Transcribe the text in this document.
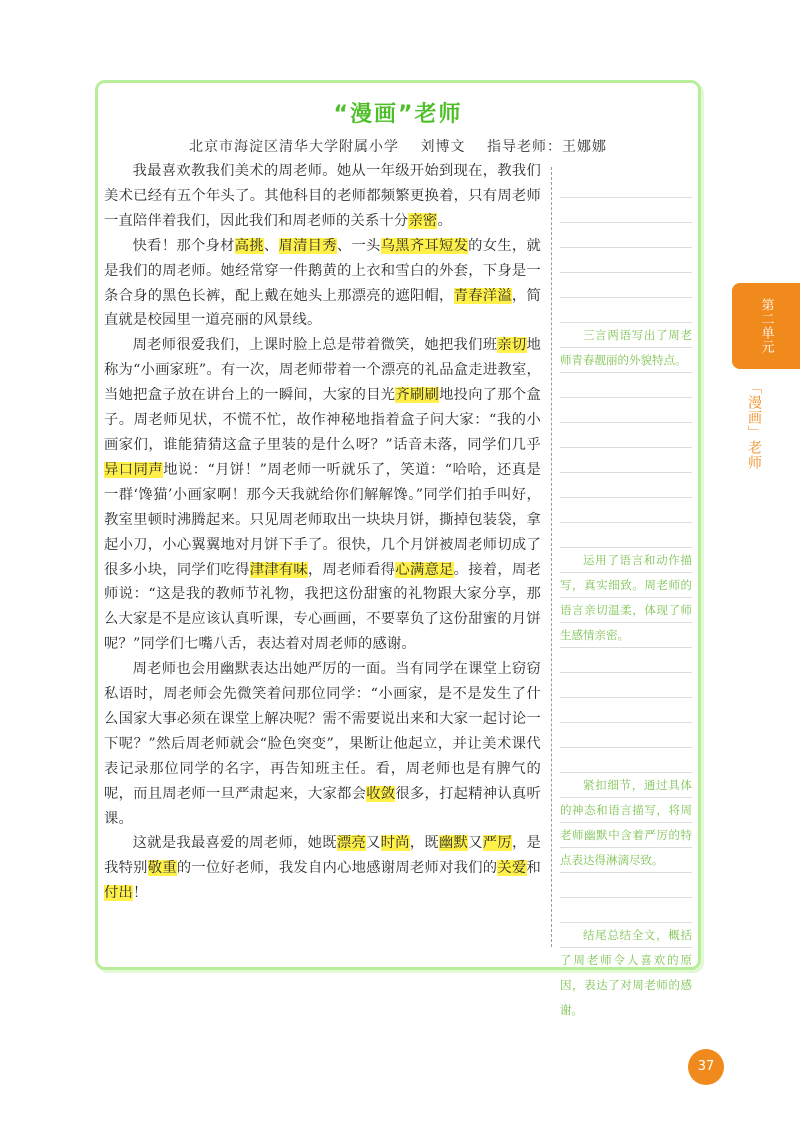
“漫画”老师
北京市海淀区清华大学附属小学 刘博文 指导老师：王娜娜

我最喜欢教我们美术的周老师。她从一年级开始到现在，教我们美术已经有五个年头了。其他科目的老师都频繁更换着，只有周老师一直陪伴着我们，因此我们和周老师的关系十分亲密。

快看！那个身材高挑、眉清目秀、一头乌黑齐耳短发的女生，就是我们的周老师。她经常穿一件鹅黄的上衣和雪白的外套，下身是一条合身的黑色长裤，配上戴在她头上那漂亮的遮阳帽，青春洋溢，简直就是校园里一道亮丽的风景线。

周老师很爱我们，上课时脸上总是带着微笑，她把我们班亲切地称为“小画家班”。有一次，周老师带着一个漂亮的礼品盒走进教室，当她把盒子放在讲台上的一瞬间，大家的目光齐刷刷地投向了那个盒子。周老师见状，不慌不忙，故作神秘地指着盒子问大家：“我的小画家们，谁能猜猜这盒子里装的是什么呀？”话音未落，同学们几乎异口同声地说：“月饼！”周老师一听就乐了，笑道：“哈哈，还真是一群‘馋猫’小画家啊！那今天我就给你们解解馋。”同学们拍手叫好，教室里顿时沸腾起来。只见周老师取出一块块月饼，撕掉包装袋，拿起小刀，小心翼翼地对月饼下手了。很快，几个月饼被周老师切成了很多小块，同学们吃得津津有味，周老师看得心满意足。接着，周老师说：“这是我的教师节礼物，我把这份甜蜜的礼物跟大家分享，那么大家是不是应该认真听课，专心画画，不要辜负了这份甜蜜的月饼呢？”同学们七嘴八舌，表达着对周老师的感谢。

周老师也会用幽默表达出她严厉的一面。当有同学在课堂上窃窃私语时，周老师会先微笑着问那位同学：“小画家，是不是发生了什么国家大事必须在课堂上解决呢？需不需要说出来和大家一起讨论一下呢？”然后周老师就会“脸色突变”，果断让他起立，并让美术课代表记录那位同学的名字，再告知班主任。看，周老师也是有脾气的呢，而且周老师一旦严肃起来，大家都会收敛很多，打起精神认真听课。

这就是我最喜爱的周老师，她既漂亮又时尚，既幽默又严厉，是我特别敬重的一位好老师，我发自内心地感谢周老师对我们的关爱和付出！

三言两语写出了周老师青春靓丽的外貌特点。
运用了语言和动作描写，真实细致。周老师的语言亲切温柔，体现了师生感情亲密。
紧扣细节，通过具体的神态和语言描写，将周老师幽默中含着严厉的特点表达得淋漓尽致。
结尾总结全文，概括了周老师令人喜欢的原因，表达了对周老师的感谢。
第二单元
「漫画」老师
37
